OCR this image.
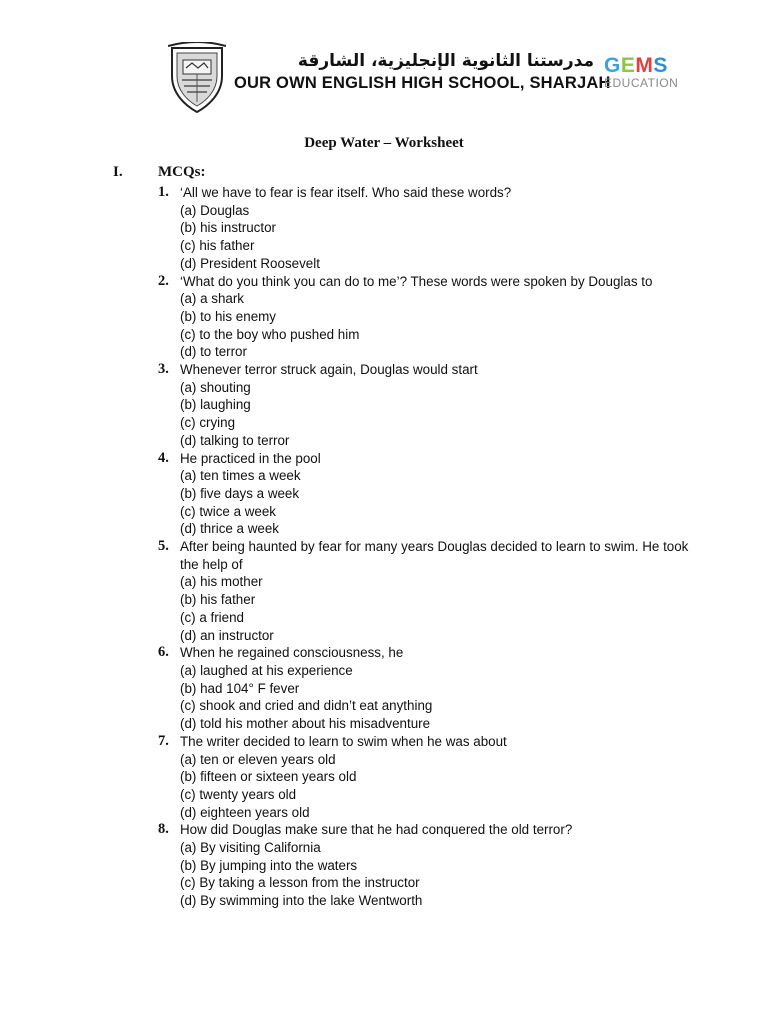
مدرستنا الثانوية الإنجليزية، الشارقة
OUR OWN ENGLISH HIGH SCHOOL, SHARJAH
GEMS
EDUCATION
Deep Water – Worksheet
I. MCQs:
1. ‘All we have to fear is fear itself. Who said these words?
(a) Douglas
(b) his instructor
(c) his father
(d) President Roosevelt
2. ‘What do you think you can do to me’? These words were spoken by Douglas to
(a) a shark
(b) to his enemy
(c) to the boy who pushed him
(d) to terror
3. Whenever terror struck again, Douglas would start
(a) shouting
(b) laughing
(c) crying
(d) talking to terror
4. He practiced in the pool
(a) ten times a week
(b) five days a week
(c) twice a week
(d) thrice a week
5. After being haunted by fear for many years Douglas decided to learn to swim. He took the help of
(a) his mother
(b) his father
(c) a friend
(d) an instructor
6. When he regained consciousness, he
(a) laughed at his experience
(b) had 104° F fever
(c) shook and cried and didn’t eat anything
(d) told his mother about his misadventure
7. The writer decided to learn to swim when he was about
(a) ten or eleven years old
(b) fifteen or sixteen years old
(c) twenty years old
(d) eighteen years old
8. How did Douglas make sure that he had conquered the old terror?
(a) By visiting California
(b) By jumping into the waters
(c) By taking a lesson from the instructor
(d) By swimming into the lake Wentworth
